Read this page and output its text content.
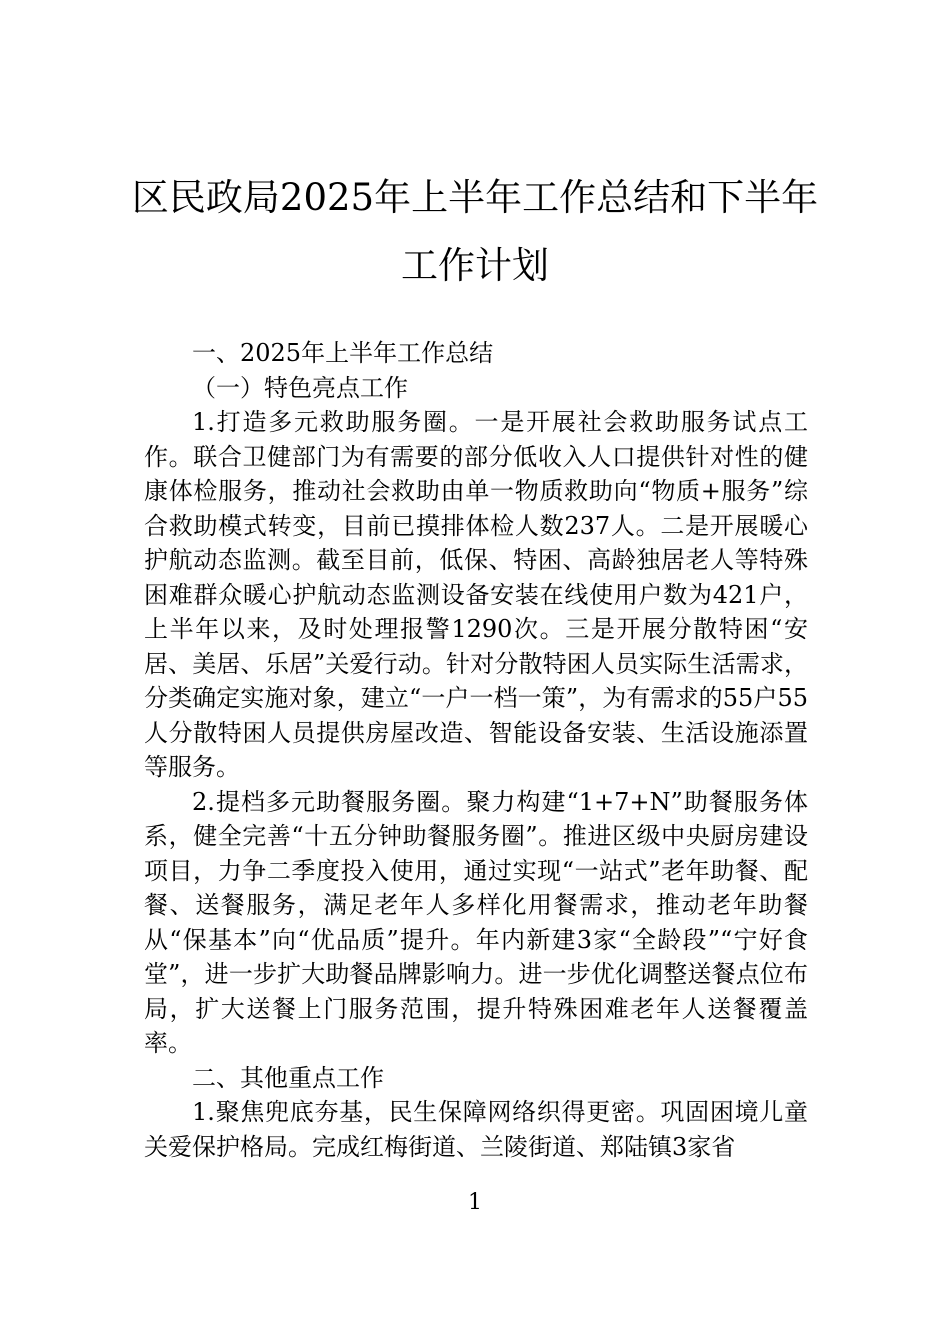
区民政局2025年上半年工作总结和下半年
工作计划

一、2025年上半年工作总结

（一）特色亮点工作

1.打造多元救助服务圈。一是开展社会救助服务试点工作。联合卫健部门为有需要的部分低收入人口提供针对性的健康体检服务，推动社会救助由单一物质救助向“物质+服务”综合救助模式转变，目前已摸排体检人数237人。二是开展暖心护航动态监测。截至目前，低保、特困、高龄独居老人等特殊困难群众暖心护航动态监测设备安装在线使用户数为421户，上半年以来，及时处理报警1290次。三是开展分散特困“安居、美居、乐居”关爱行动。针对分散特困人员实际生活需求，分类确定实施对象，建立“一户一档一策”，为有需求的55户55人分散特困人员提供房屋改造、智能设备安装、生活设施添置等服务。

2.提档多元助餐服务圈。聚力构建“1+7+N”助餐服务体系，健全完善“十五分钟助餐服务圈”。推进区级中央厨房建设项目，力争二季度投入使用，通过实现“一站式”老年助餐、配餐、送餐服务，满足老年人多样化用餐需求，推动老年助餐从“保基本”向“优品质”提升。年内新建3家“全龄段”“宁好食堂”，进一步扩大助餐品牌影响力。进一步优化调整送餐点位布局，扩大送餐上门服务范围，提升特殊困难老年人送餐覆盖率。

二、其他重点工作

1.聚焦兜底夯基，民生保障网络织得更密。巩固困境儿童关爱保护格局。完成红梅街道、兰陵街道、郑陆镇3家省

1
